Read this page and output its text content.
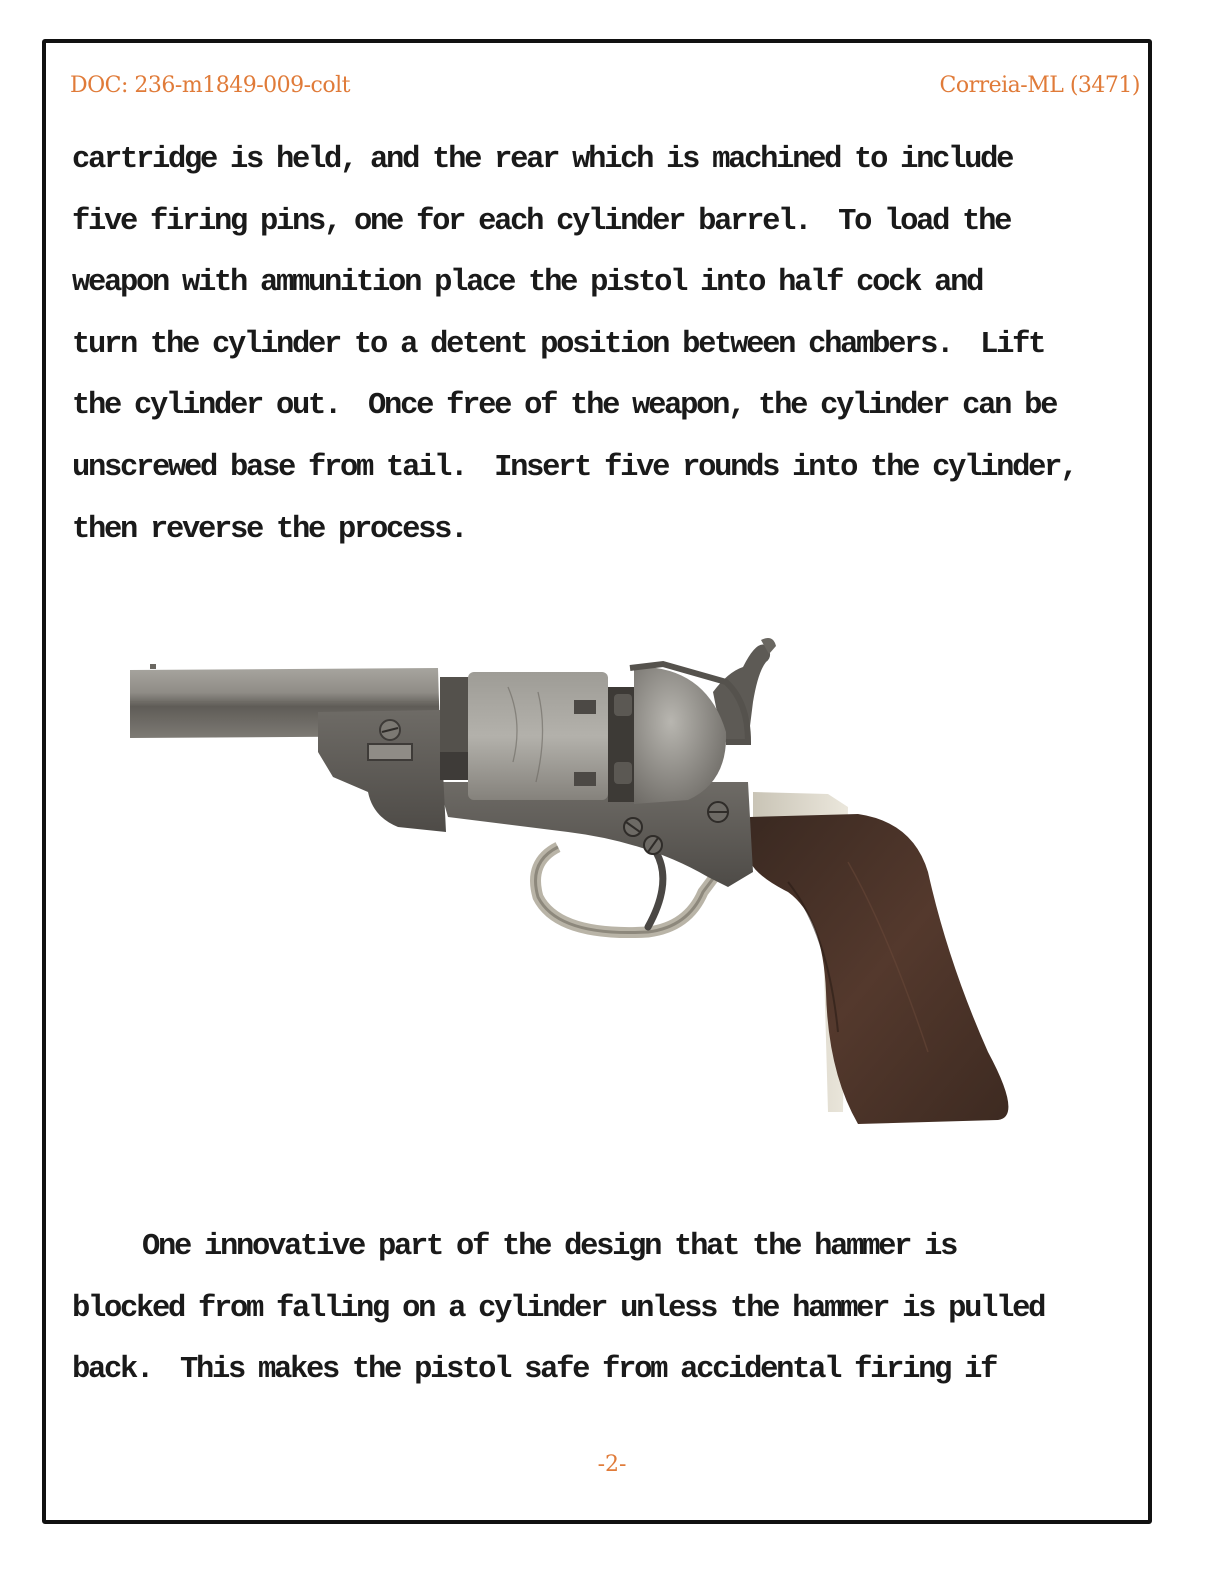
DOC: 236-m1849-009-colt	Correia-ML (3471)
cartridge is held, and the rear which is machined to include
five firing pins, one for each cylinder barrel.  To load the
weapon with ammunition place the pistol into half cock and
turn the cylinder to a detent position between chambers.  Lift
the cylinder out.  Once free of the weapon, the cylinder can be
unscrewed base from tail.  Insert five rounds into the cylinder,
then reverse the process.
One innovative part of the design that the hammer is
blocked from falling on a cylinder unless the hammer is pulled
back.  This makes the pistol safe from accidental firing if
-2-
